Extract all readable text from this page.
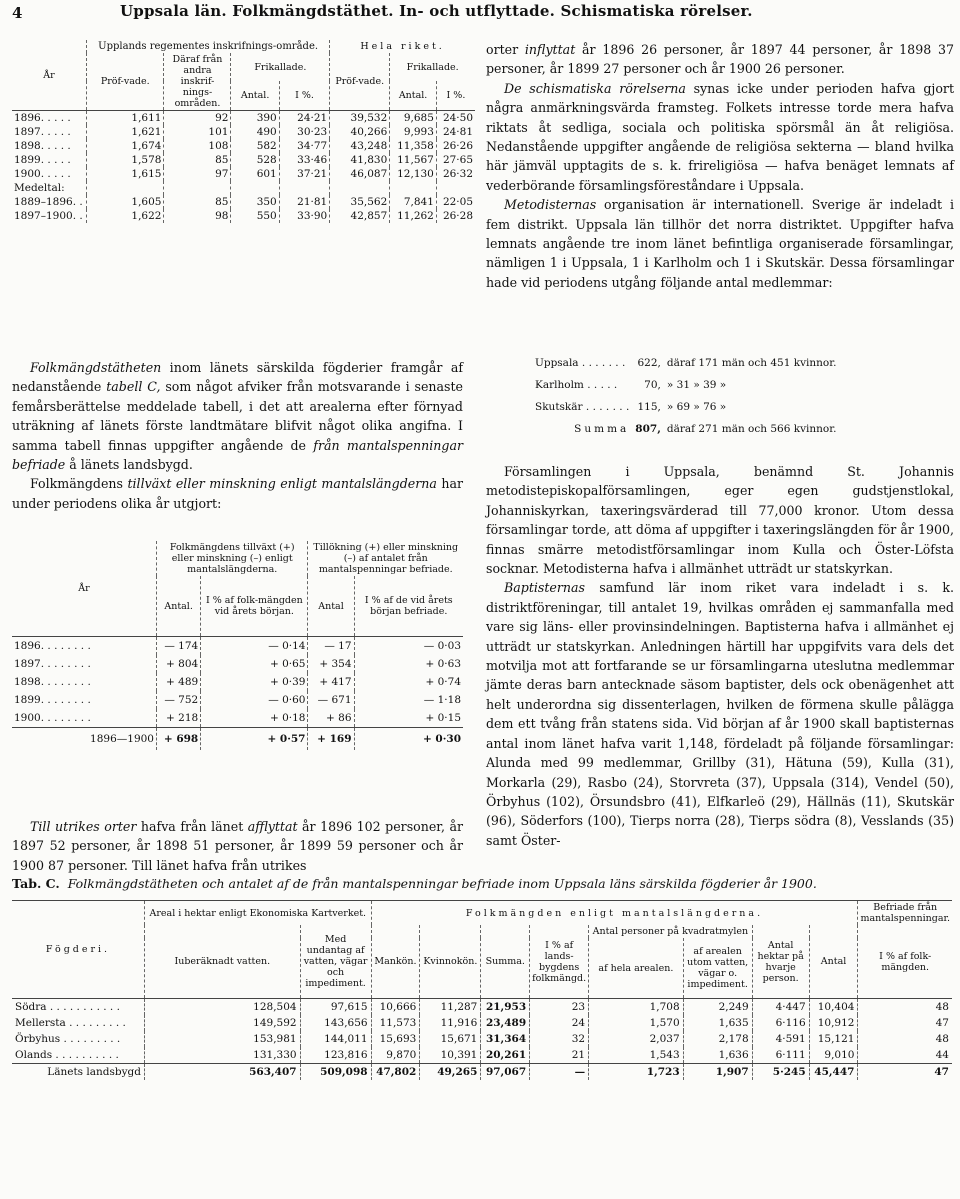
4	Uppsala län. Folkmängdstäthet. In- och utflyttade. Schismatiska rörelser.
År	Upplands regementes inskrifnings-område.				Hela riket.		
	Pröf-vade.	Däraf från andra inskrif-nings-områden.	Frikallade.		Pröf-vade.	Frikallade.	
			Antal.	I %.		Antal.	I %.
1896. . . . .	1,611	92	390	24·21	39,532	9,685	24·50
1897. . . . .	1,621	101	490	30·23	40,266	9,993	24·81
1898. . . . .	1,674	108	582	34·77	43,248	11,358	26·26
1899. . . . .	1,578	85	528	33·46	41,830	11,567	27·65
1900. . . . .	1,615	97	601	37·21	46,087	12,130	26·32
Medeltal:							
1889–1896. .	1,605	85	350	21·81	35,562	7,841	22·05
1897–1900. .	1,622	98	550	33·90	42,857	11,262	26·28

Folkmängdstätheten inom länets särskilda fögderier framgår af nedanstående tabell C, som något afviker från motsvarande i senaste femårsberättelse meddelade tabell, i det att arealerna efter förnyad uträkning af länets förste landtmätare blifvit något olika angifna. I samma tabell finnas uppgifter angående de från mantalspenningar befriade å länets landsbygd.

Folkmängdens tillväxt eller minskning enligt mantalslängderna har under periodens olika år utgjort:

År	Folkmängdens tillväxt (+) eller minskning (–) enligt mantalslängderna.		Tillökning (+) eller minskning (–) af antalet från mantalspenningar befriade.	
	Antal.	I % af folk-mängden vid årets början.	Antal	I % af de vid årets början befriade.
1896. . . . . . . .	— 174	— 0·14	— 17	— 0·03
1897. . . . . . . .	+ 804	+ 0·65	+ 354	+ 0·63
1898. . . . . . . .	+ 489	+ 0·39	+ 417	+ 0·74
1899. . . . . . . .	— 752	— 0·60	— 671	— 1·18
1900. . . . . . . .	+ 218	+ 0·18	+ 86	+ 0·15
1896—1900	+ 698	+ 0·57	+ 169	+ 0·30

Till utrikes orter hafva från länet afflyttat år 1896 102 personer, år 1897 52 personer, år 1898 51 personer, år 1899 59 personer och år 1900 87 personer. Till länet hafva från utrikes

orter inflyttat år 1896 26 personer, år 1897 44 personer, år 1898 37 personer, år 1899 27 personer och år 1900 26 personer.

De schismatiska rörelserna synas icke under perioden hafva gjort några anmärkningsvärda framsteg. Folkets intresse torde mera hafva riktats åt sedliga, sociala och politiska spörsmål än åt religiösa. Nedanstående uppgifter angående de religiösa sekterna — bland hvilka här jämväl upptagits de s. k. frireligiösa — hafva benäget lemnats af vederbörande församlingsföreståndare i Uppsala.

Metodisternas organisation är internationell. Sverige är indeladt i fem distrikt. Uppsala län tillhör det norra distriktet. Uppgifter hafva lemnats angående tre inom länet befintliga organiserade församlingar, nämligen 1 i Uppsala, 1 i Karlholm och 1 i Skutskär. Dessa församlingar hade vid periodens utgång följande antal medlemmar:

Uppsala . . . . . . .	622,	däraf 171 män och 451 kvinnor.
Karlholm . . . . .	70,	» 31 » 39 »
Skutskär . . . . . . .	115,	» 69 » 76 »
Summa	807,	däraf 271 män och 566 kvinnor.

Församlingen i Uppsala, benämnd St. Johannis metodistepiskopalförsamlingen, eger egen gudstjenstlokal, Johanniskyrkan, taxeringsvärderad till 77,000 kronor. Utom dessa församlingar torde, att döma af uppgifter i taxeringslängden för år 1900, finnas smärre metodistförsamlingar inom Kulla och Öster-Löfsta socknar. Metodisterna hafva i allmänhet utträdt ur statskyrkan.

Baptisternas samfund lär inom riket vara indeladt i s. k. distriktföreningar, till antalet 19, hvilkas områden ej sammanfalla med vare sig läns- eller provinsindelningen. Baptisterna hafva i allmänhet ej utträdt ur statskyrkan. Anledningen härtill har uppgifvits vara dels det motvilja mot att fortfarande se ur församlingarna uteslutna medlemmar jämte deras barn antecknade säsom baptister, dels ock obenägenhet att helt underordna sig dissenterlagen, hvilken de förmena skulle pålägga dem ett tvång från statens sida. Vid början af år 1900 skall baptisternas antal inom länet hafva varit 1,148, fördeladt på följande församlingar: Alunda med 99 medlemmar, Grillby (31), Hätuna (59), Kulla (31), Morkarla (29), Rasbo (24), Storvreta (37), Uppsala (314), Vendel (50), Örbyhus (102), Örsundsbro (41), Elfkarleö (29), Hällnäs (11), Skutskär (96), Söderfors (100), Tierps norra (28), Tierps södra (8), Vesslands (35) samt Öster-

Tab. C. Folkmängdstätheten och antalet af de från mantalspenningar befriade inom Uppsala läns särskilda fögderier år 1900.
Fögderi.	Areal i hektar enligt Ekonomiska Kartverket.		Folkmängden enligt mantalslängderna.								Befriade från mantalspenningar.
	Iuberäknadt vatten.	Med undantag af vatten, vägar och impediment.	Mankön.	Kvinnokön.	Summa.	I % af lands-bygdens folkmängd.	Antal personer på kvadratmylen		Antal hektar på hvarje person.	Antal	I % af folk-mängden.
							af hela arealen.	af arealen utom vatten, vägar o. impediment.			
Södra . . . . . . . . . . .	128,504	97,615	10,666	11,287	21,953	23	1,708	2,249	4·447	10,404	48
Mellersta . . . . . . . . .	149,592	143,656	11,573	11,916	23,489	24	1,570	1,635	6·116	10,912	47
Örbyhus . . . . . . . . .	153,981	144,011	15,693	15,671	31,364	32	2,037	2,178	4·591	15,121	48
Olands . . . . . . . . . .	131,330	123,816	9,870	10,391	20,261	21	1,543	1,636	6·111	9,010	44
Länets landsbygd	563,407	509,098	47,802	49,265	97,067	—	1,723	1,907	5·245	45,447	47
